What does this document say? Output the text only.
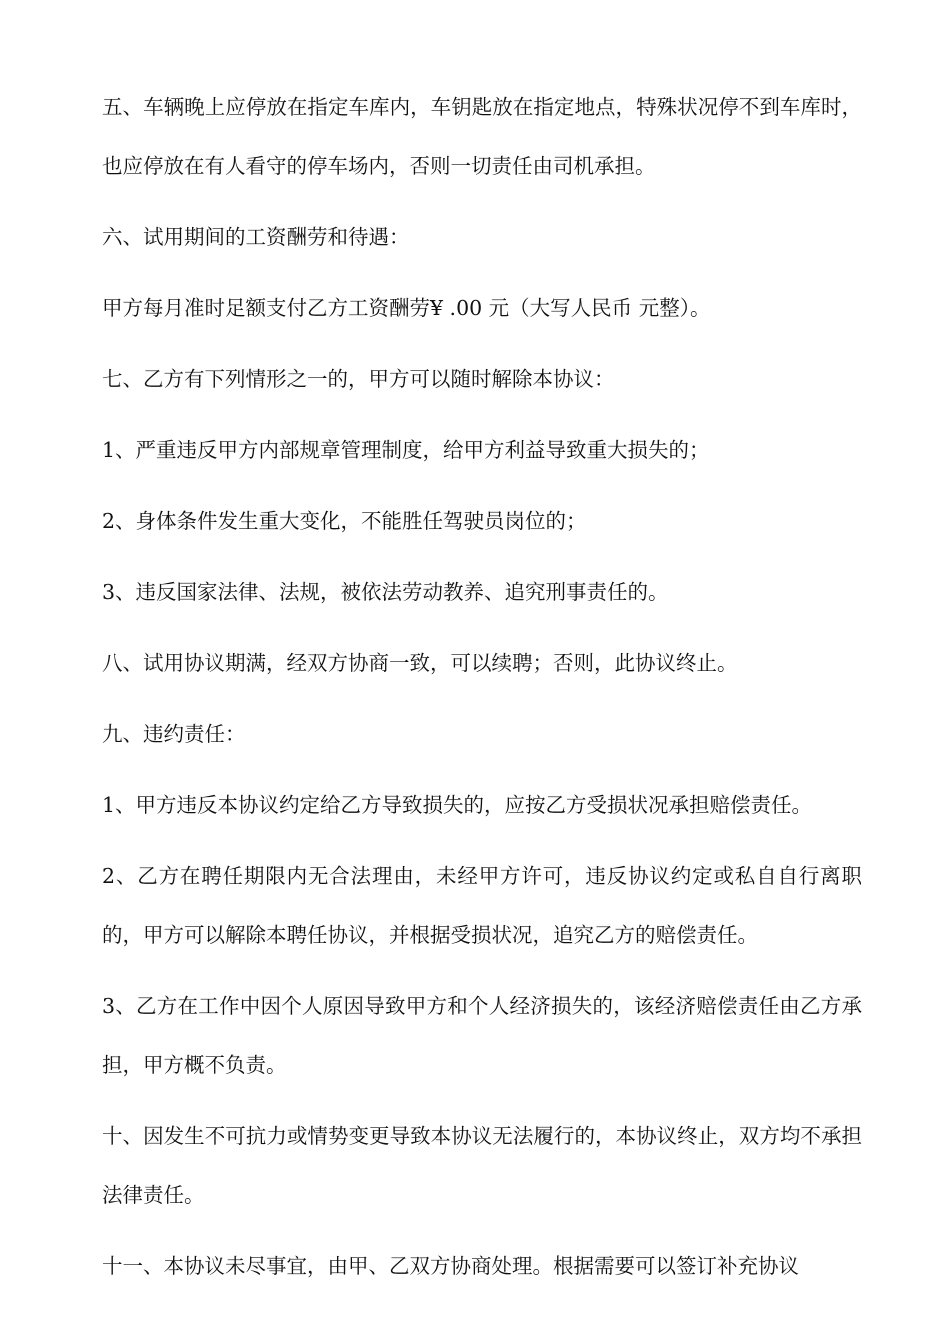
五、车辆晚上应停放在指定车库内，车钥匙放在指定地点，特殊状况停不到车库时，也应停放在有人看守的停车场内，否则一切责任由司机承担。

六、试用期间的工资酬劳和待遇：

甲方每月准时足额支付乙方工资酬劳¥ .00 元（大写人民币 元整）。

七、乙方有下列情形之一的，甲方可以随时解除本协议：

1、严重违反甲方内部规章管理制度，给甲方利益导致重大损失的；

2、身体条件发生重大变化，不能胜任驾驶员岗位的；

3、违反国家法律、法规，被依法劳动教养、追究刑事责任的。

八、试用协议期满，经双方协商一致，可以续聘；否则，此协议终止。

九、违约责任：

1、甲方违反本协议约定给乙方导致损失的，应按乙方受损状况承担赔偿责任。

2、乙方在聘任期限内无合法理由，未经甲方许可，违反协议约定或私自自行离职的，甲方可以解除本聘任协议，并根据受损状况，追究乙方的赔偿责任。

3、乙方在工作中因个人原因导致甲方和个人经济损失的，该经济赔偿责任由乙方承担，甲方概不负责。

十、因发生不可抗力或情势变更导致本协议无法履行的，本协议终止，双方均不承担法律责任。

十一、本协议未尽事宜，由甲、乙双方协商处理。根据需要可以签订补充协议
